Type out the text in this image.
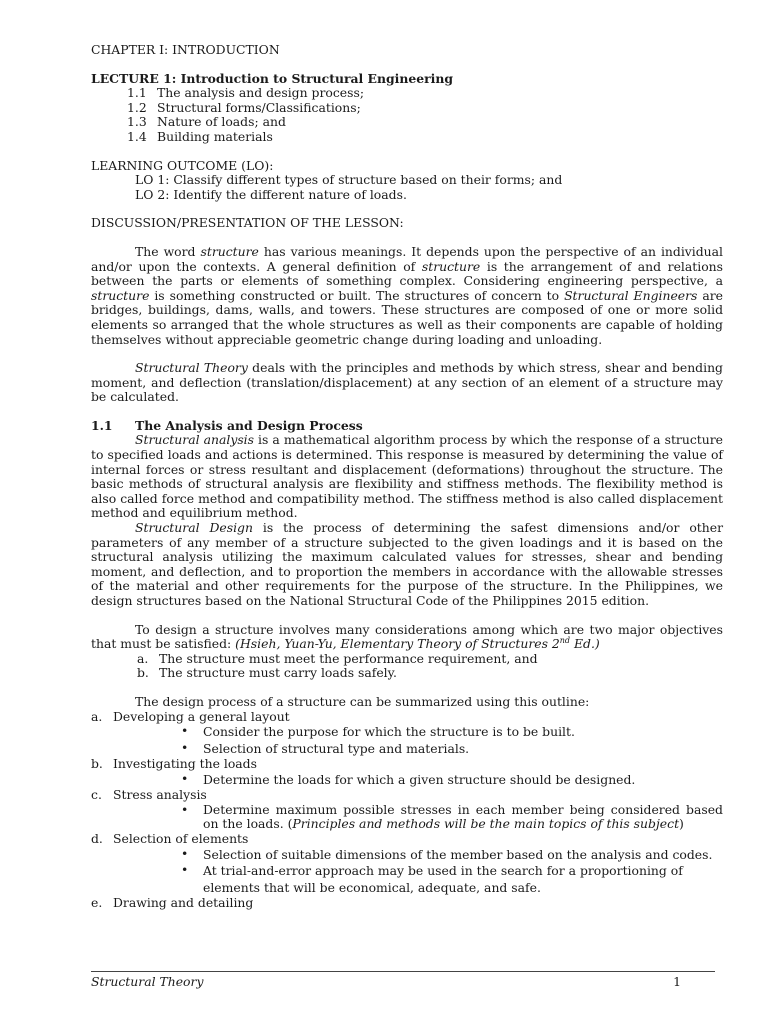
CHAPTER I: INTRODUCTION
LECTURE 1: Introduction to Structural Engineering
1.1 The analysis and design process;
1.2 Structural forms/Classifications;
1.3 Nature of loads; and
1.4 Building materials
LEARNING OUTCOME (LO):
LO 1: Classify different types of structure based on their forms; and
LO 2: Identify the different nature of loads.
DISCUSSION/PRESENTATION OF THE LESSON:

The word structure has various meanings. It depends upon the perspective of an individual and/or upon the contexts. A general definition of structure is the arrangement of and relations between the parts or elements of something complex. Considering engineering perspective, a structure is something constructed or built. The structures of concern to Structural Engineers are bridges, buildings, dams, walls, and towers. These structures are composed of one or more solid elements so arranged that the whole structures as well as their components are capable of holding themselves without appreciable geometric change during loading and unloading.

Structural Theory deals with the principles and methods by which stress, shear and bending moment, and deflection (translation/displacement) at any section of an element of a structure may be calculated.

1.1	The Analysis and Design Process

Structural analysis is a mathematical algorithm process by which the response of a structure to specified loads and actions is determined. This response is measured by determining the value of internal forces or stress resultant and displacement (deformations) throughout the structure. The basic methods of structural analysis are flexibility and stiffness methods. The flexibility method is also called force method and compatibility method. The stiffness method is also called displacement method and equilibrium method.

Structural Design is the process of determining the safest dimensions and/or other parameters of any member of a structure subjected to the given loadings and it is based on the structural analysis utilizing the maximum calculated values for stresses, shear and bending moment, and deflection, and to proportion the members in accordance with the allowable stresses of the material and other requirements for the purpose of the structure. In the Philippines, we design structures based on the National Structural Code of the Philippines 2015 edition.

To design a structure involves many considerations among which are two major objectives that must be satisfied: (Hsieh, Yuan-Yu, Elementary Theory of Structures 2nd Ed.)

a. The structure must meet the performance requirement, and
b. The structure must carry loads safely.
The design process of a structure can be summarized using this outline:
a. Developing a general layout
•	Consider the purpose for which the structure is to be built.
•	Selection of structural type and materials.
b. Investigating the loads
•	Determine the loads for which a given structure should be designed.
c. Stress analysis
•	Determine maximum possible stresses in each member being considered based on the loads. (Principles and methods will be the main topics of this subject)
d. Selection of elements
•	Selection of suitable dimensions of the member based on the analysis and codes.
•	At trial-and-error approach may be used in the search for a proportioning of elements that will be economical, adequate, and safe.
e. Drawing and detailing
Structural Theory	1
